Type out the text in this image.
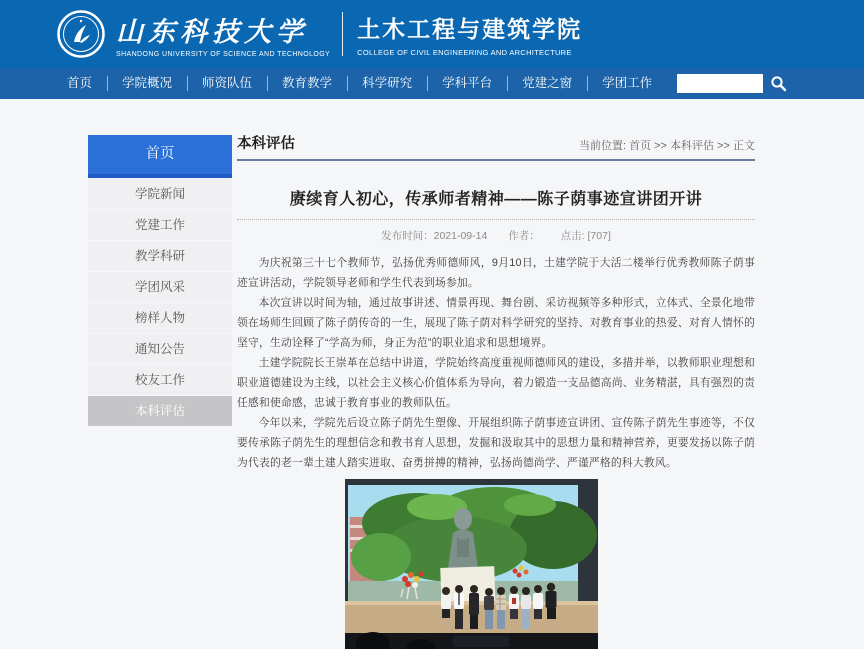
山东科技大学
SHANDONG UNIVERSITY OF SCIENCE AND TECHNOLOGY
土木工程与建筑学院
COLLEGE OF CIVIL ENGINEERING AND ARCHITECTURE
首页	学院概况	师资队伍	教育教学	科学研究	学科平台	党建之窗	学团工作
首页
学院新闻
党建工作
教学科研
学团风采
榜样人物
通知公告
校友工作
本科评估
本科评估	当前位置: 首页 >> 本科评估 >> 正文
赓续育人初心，传承师者精神——陈子荫事迹宣讲团开讲
发布时间：2021-09-14 作者： 点击: [707]

为庆祝第三十七个教师节，弘扬优秀师德师风，9月10日，土建学院于大活二楼举行优秀教师陈子荫事迹宣讲活动，学院领导老师和学生代表到场参加。

本次宣讲以时间为轴，通过故事讲述、情景再现、舞台剧、采访视频等多种形式，立体式、全景化地带领在场师生回顾了陈子荫传奇的一生，展现了陈子荫对科学研究的坚持、对教育事业的热爱、对育人情怀的坚守，生动诠释了“学高为师，身正为范”的职业追求和思想境界。

土建学院院长王崇革在总结中讲道，学院始终高度重视师德师风的建设，多措并举，以教师职业理想和职业道德建设为主线，以社会主义核心价值体系为导向，着力锻造一支品德高尚、业务精湛，具有强烈的责任感和使命感，忠诚于教育事业的教师队伍。

今年以来，学院先后设立陈子荫先生塑像、开展组织陈子荫事迹宣讲团、宣传陈子荫先生事迹等，不仅要传承陈子荫先生的理想信念和教书育人思想，发掘和汲取其中的思想力量和精神营养，更要发扬以陈子荫为代表的老一辈土建人踏实进取、奋勇拼搏的精神，弘扬尚德尚学、严谨严格的科大教风。
